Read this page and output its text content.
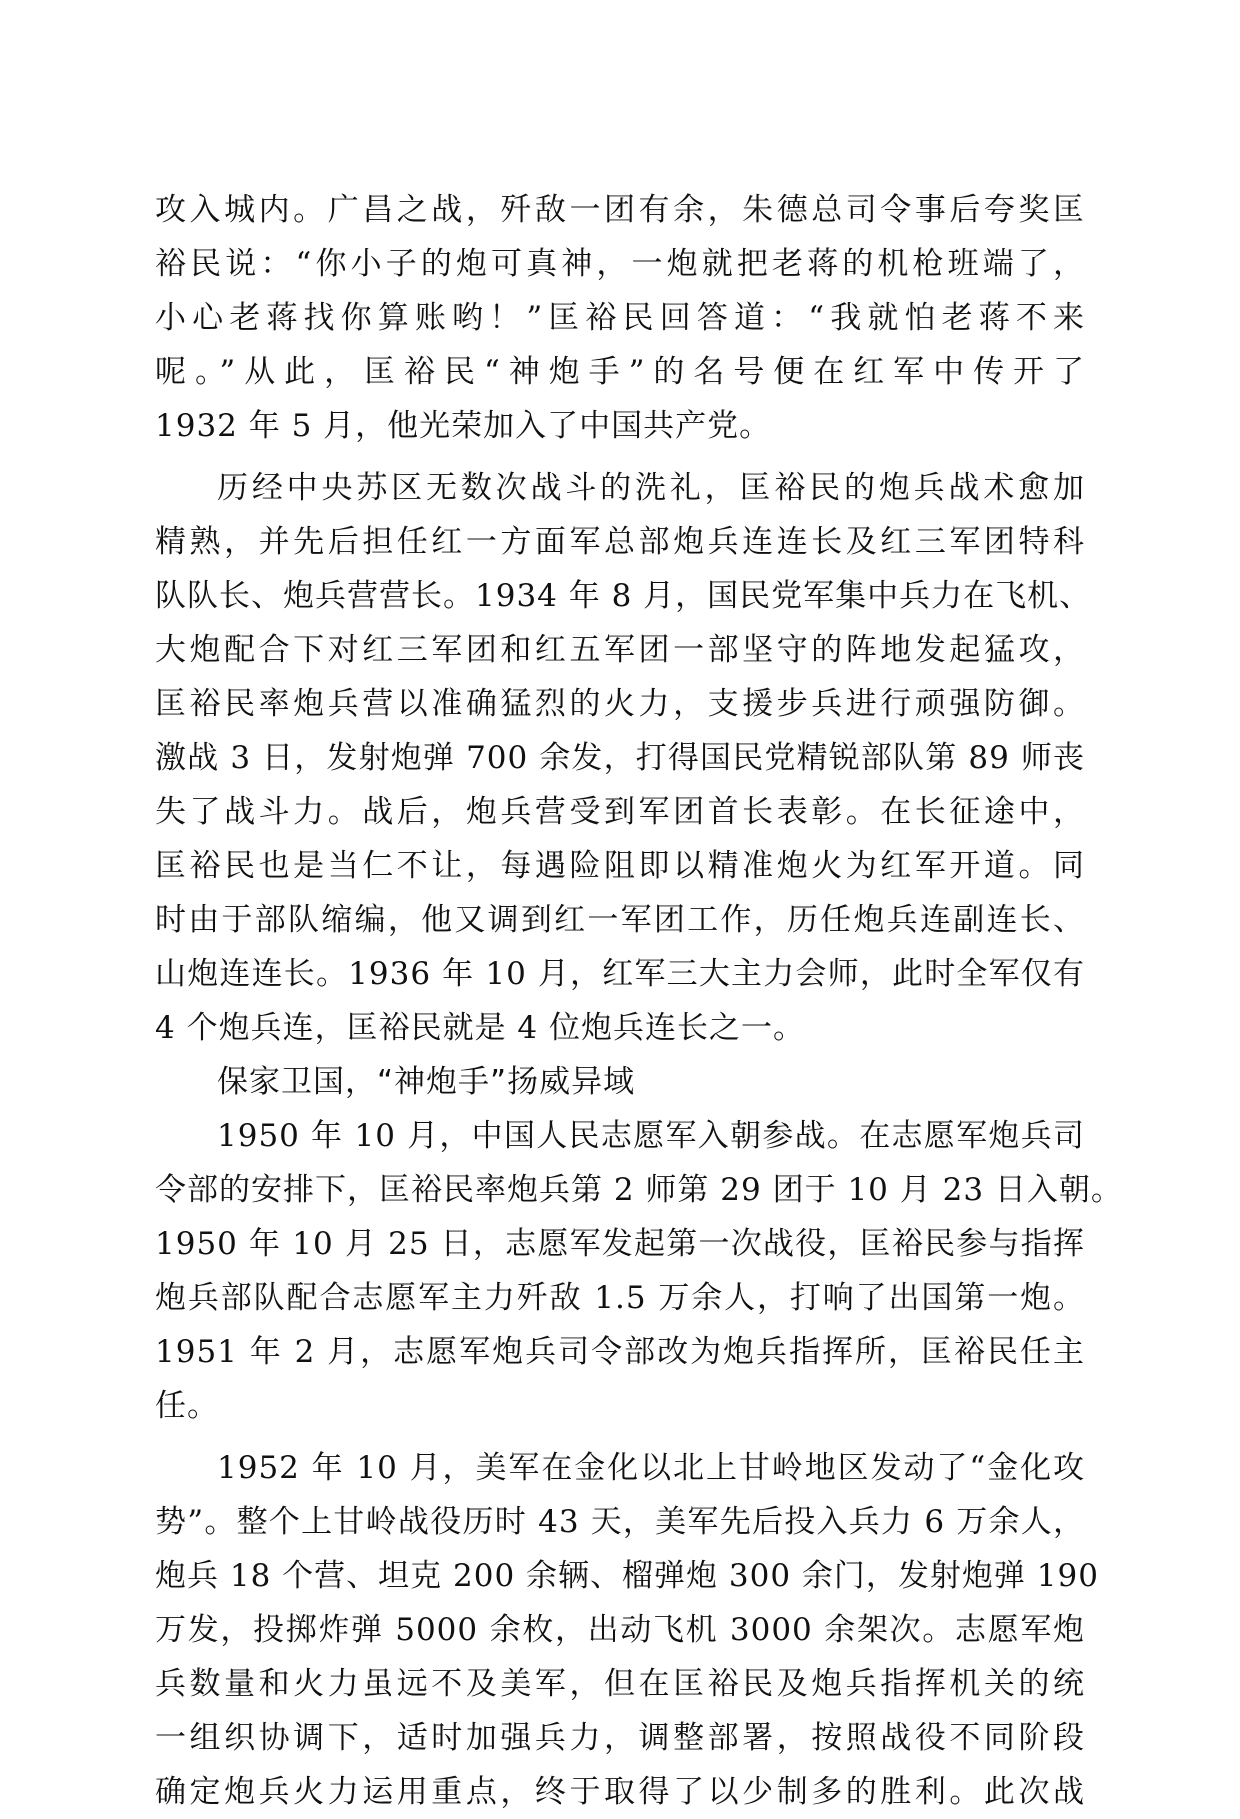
攻入城内。广昌之战，歼敌一团有余，朱德总司令事后夸奖匡
裕民说：“你小子的炮可真神，一炮就把老蒋的机枪班端了，
小心老蒋找你算账哟！”匡裕民回答道：“我就怕老蒋不来
呢。”从此，匡裕民“神炮手”的名号便在红军中传开了
1932 年 5 月，他光荣加入了中国共产党。
历经中央苏区无数次战斗的洗礼，匡裕民的炮兵战术愈加
精熟，并先后担任红一方面军总部炮兵连连长及红三军团特科
队队长、炮兵营营长。1934 年 8 月，国民党军集中兵力在飞机、
大炮配合下对红三军团和红五军团一部坚守的阵地发起猛攻，
匡裕民率炮兵营以准确猛烈的火力，支援步兵进行顽强防御。
激战 3 日，发射炮弹 700 余发，打得国民党精锐部队第 89 师丧
失了战斗力。战后，炮兵营受到军团首长表彰。在长征途中，
匡裕民也是当仁不让，每遇险阻即以精准炮火为红军开道。同
时由于部队缩编，他又调到红一军团工作，历任炮兵连副连长、
山炮连连长。1936 年 10 月，红军三大主力会师，此时全军仅有
4 个炮兵连，匡裕民就是 4 位炮兵连长之一。
保家卫国，“神炮手”扬威异域
1950 年 10 月，中国人民志愿军入朝参战。在志愿军炮兵司
令部的安排下，匡裕民率炮兵第 2 师第 29 团于 10 月 23 日入朝。
1950 年 10 月 25 日，志愿军发起第一次战役，匡裕民参与指挥
炮兵部队配合志愿军主力歼敌 1.5 万余人，打响了出国第一炮。
1951 年 2 月，志愿军炮兵司令部改为炮兵指挥所，匡裕民任主
任。
1952 年 10 月，美军在金化以北上甘岭地区发动了“金化攻
势”。整个上甘岭战役历时 43 天，美军先后投入兵力 6 万余人，
炮兵 18 个营、坦克 200 余辆、榴弹炮 300 余门，发射炮弹 190
万发，投掷炸弹 5000 余枚，出动飞机 3000 余架次。志愿军炮
兵数量和火力虽远不及美军，但在匡裕民及炮兵指挥机关的统
一组织协调下，适时加强兵力，调整部署，按照战役不同阶段
确定炮兵火力运用重点，终于取得了以少制多的胜利。此次战
